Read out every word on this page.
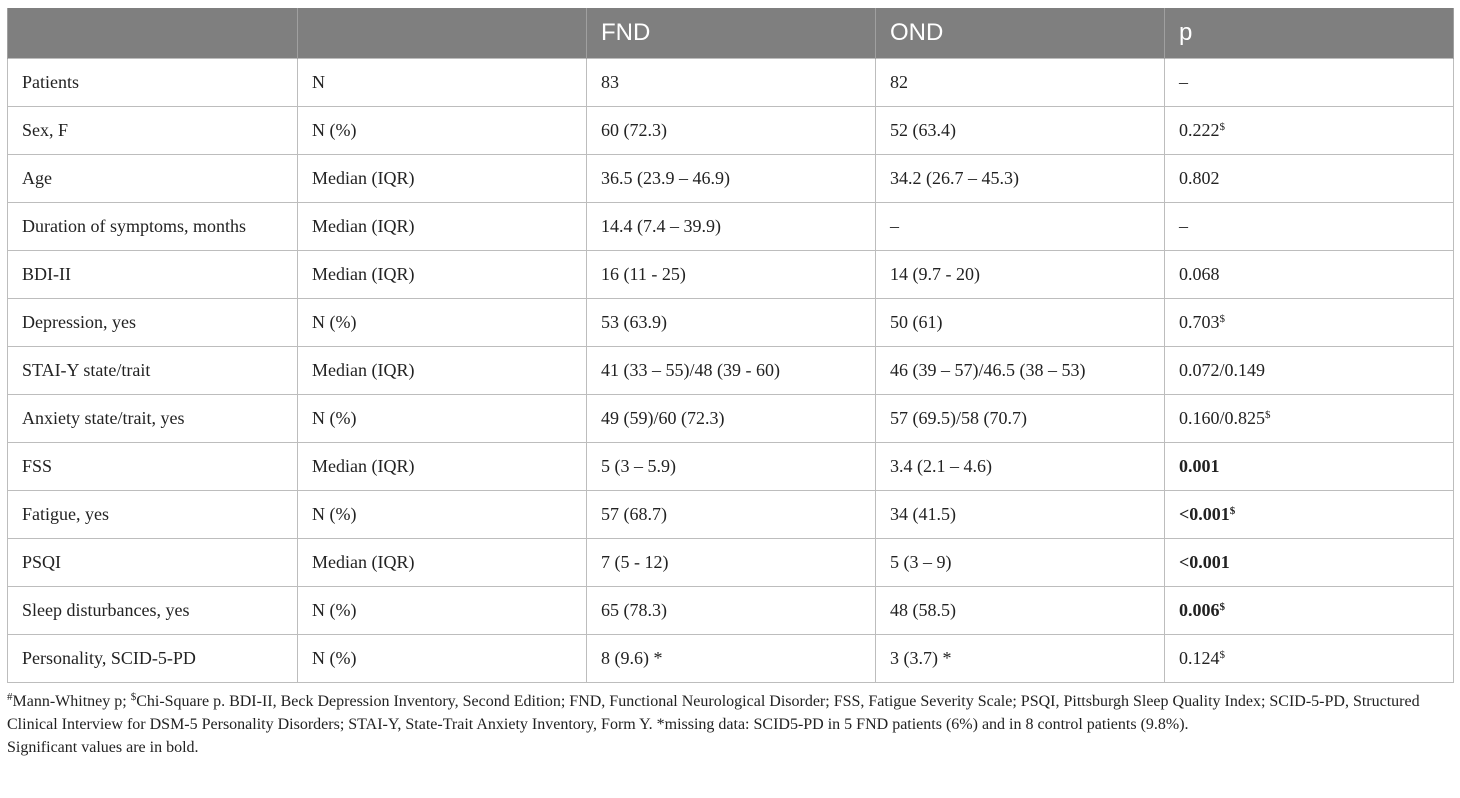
		FND	OND	p
Patients	N	83	82	–
Sex, F	N (%)	60 (72.3)	52 (63.4)	0.222$
Age	Median (IQR)	36.5 (23.9 – 46.9)	34.2 (26.7 – 45.3)	0.802
Duration of symptoms, months	Median (IQR)	14.4 (7.4 – 39.9)	–	–
BDI-II	Median (IQR)	16 (11 - 25)	14 (9.7 - 20)	0.068
Depression, yes	N (%)	53 (63.9)	50 (61)	0.703$
STAI-Y state/trait	Median (IQR)	41 (33 – 55)/48 (39 - 60)	46 (39 – 57)/46.5 (38 – 53)	0.072/0.149
Anxiety state/trait, yes	N (%)	49 (59)/60 (72.3)	57 (69.5)/58 (70.7)	0.160/0.825$
FSS	Median (IQR)	5 (3 – 5.9)	3.4 (2.1 – 4.6)	0.001
Fatigue, yes	N (%)	57 (68.7)	34 (41.5)	<0.001$
PSQI	Median (IQR)	7 (5 - 12)	5 (3 – 9)	<0.001
Sleep disturbances, yes	N (%)	65 (78.3)	48 (58.5)	0.006$
Personality, SCID-5-PD	N (%)	8 (9.6) *	3 (3.7) *	0.124$

#Mann-Whitney p; $Chi-Square p. BDI-II, Beck Depression Inventory, Second Edition; FND, Functional Neurological Disorder; FSS, Fatigue Severity Scale; PSQI, Pittsburgh Sleep Quality Index; SCID-5-PD, Structured Clinical Interview for DSM-5 Personality Disorders; STAI-Y, State-Trait Anxiety Inventory, Form Y. *missing data: SCID5-PD in 5 FND patients (6%) and in 8 control patients (9.8%).

Significant values are in bold.
